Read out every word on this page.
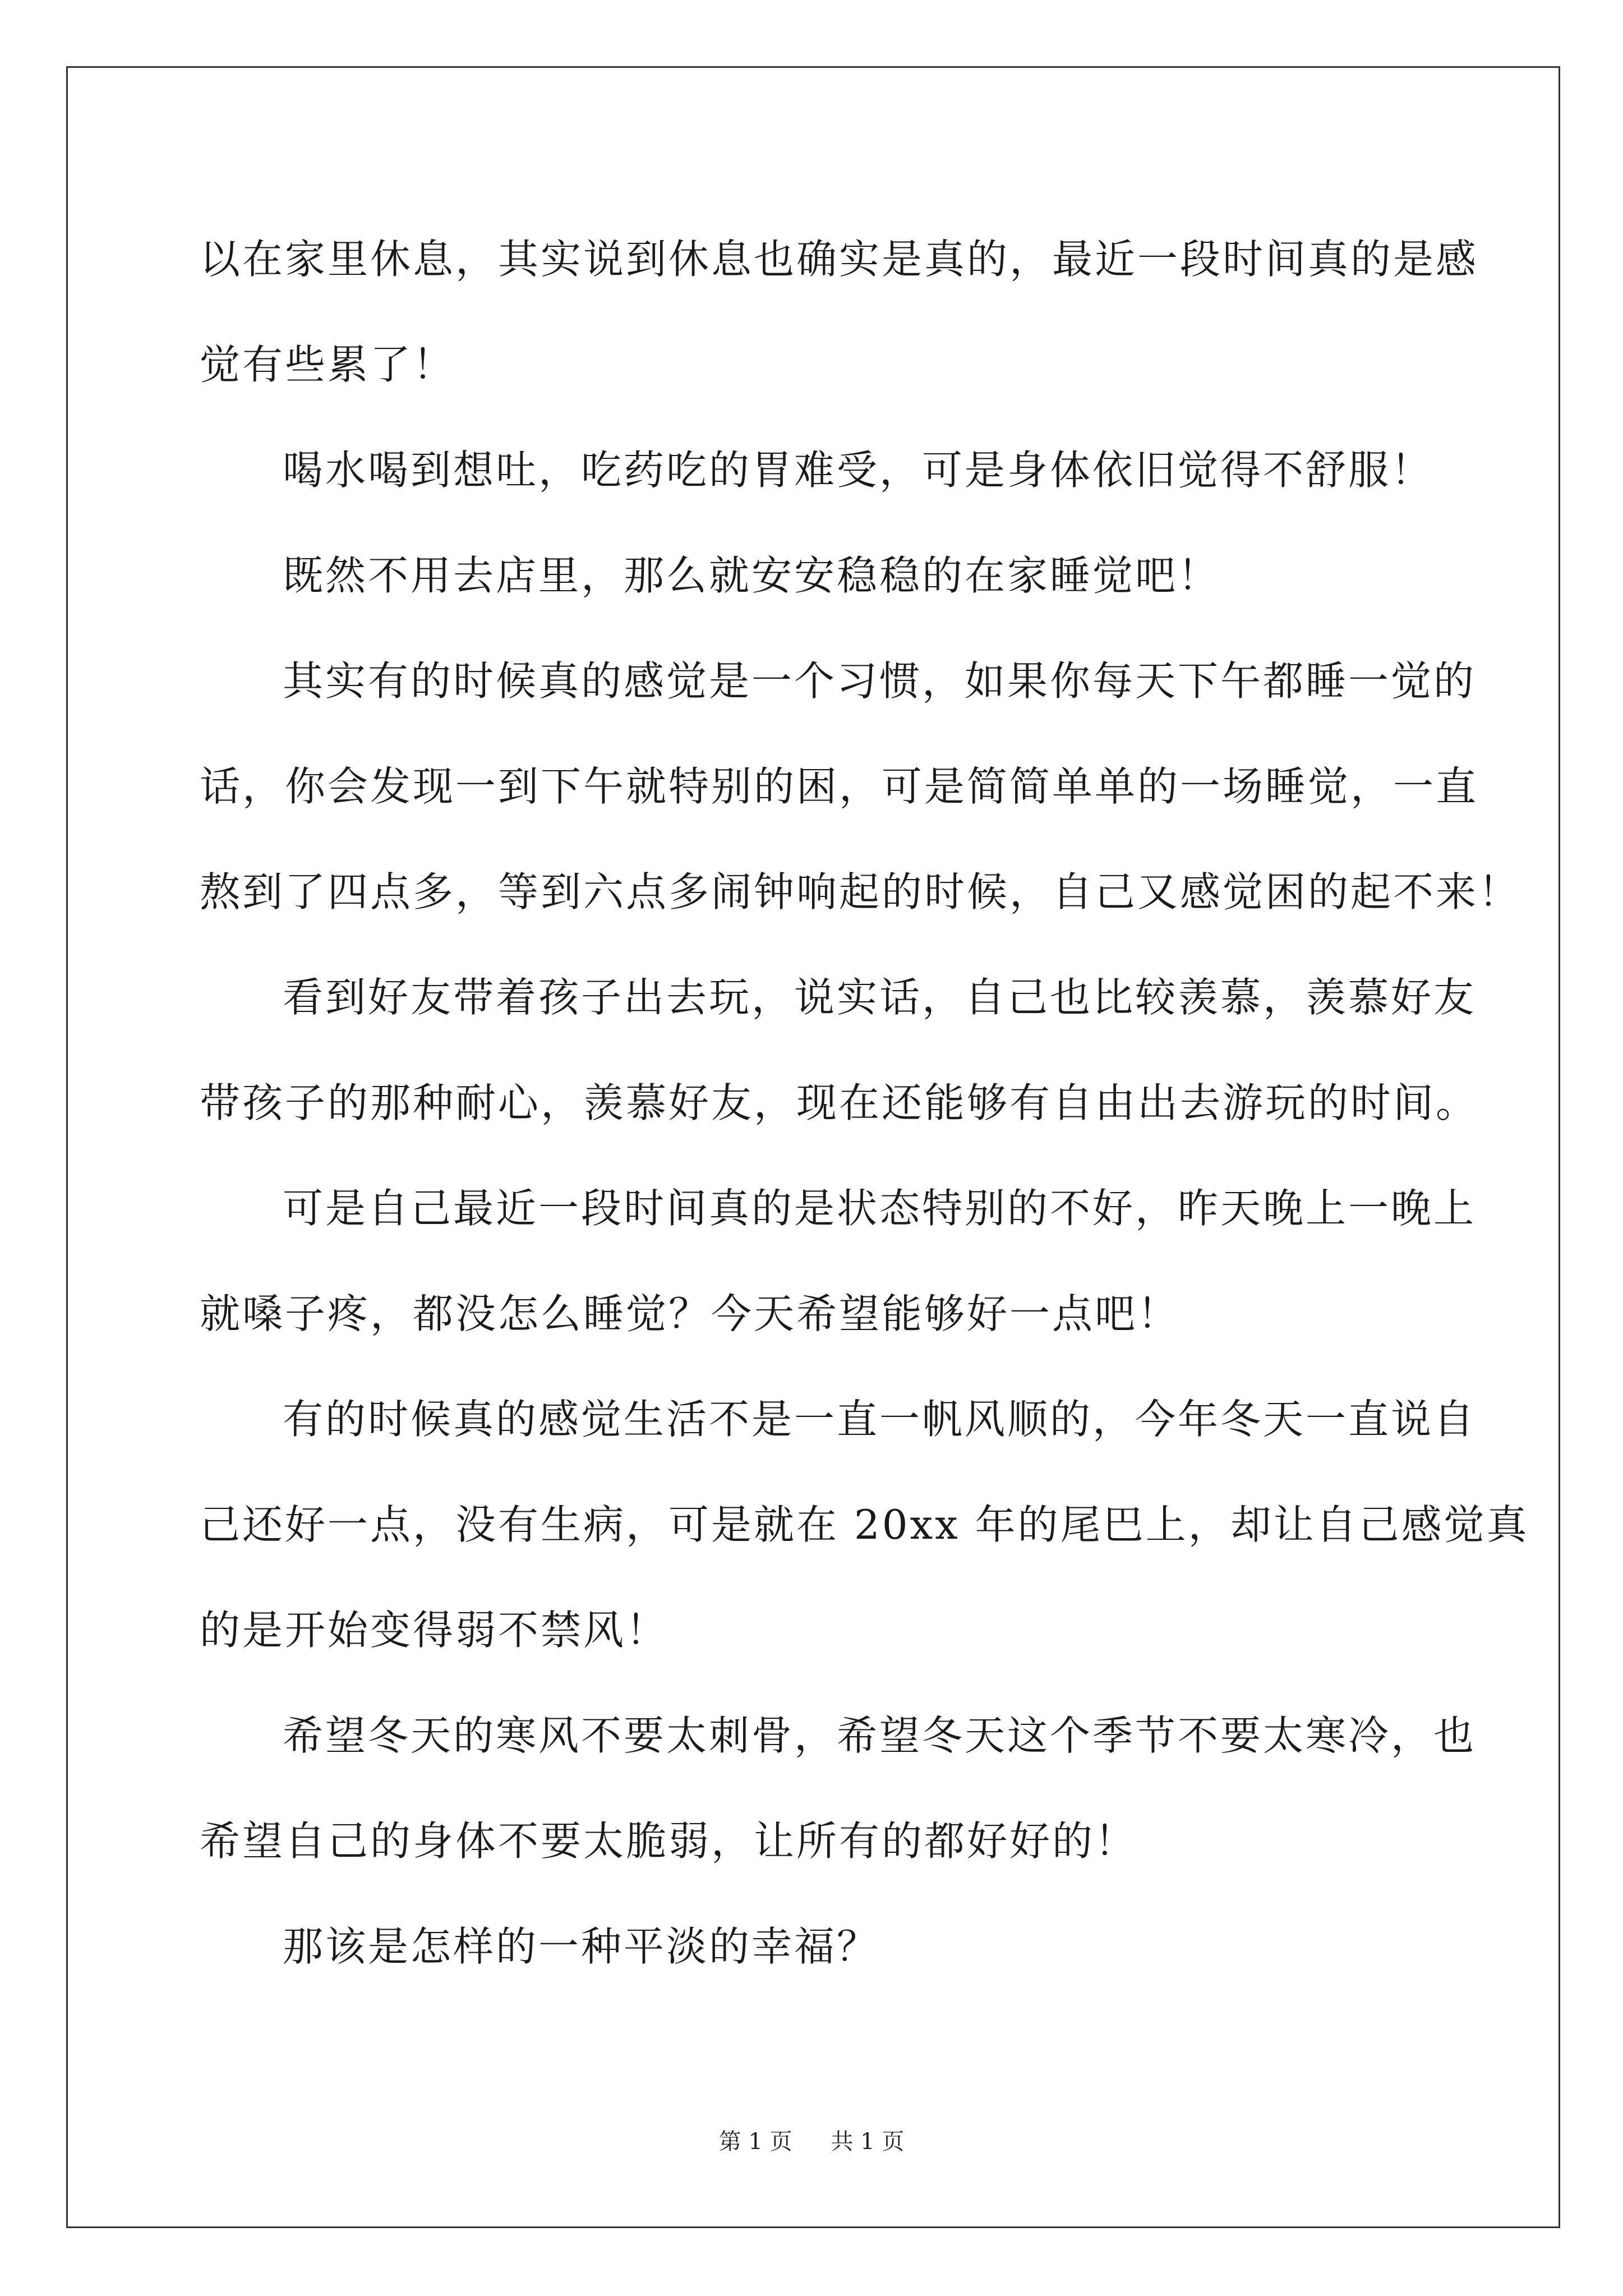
以在家里休息，其实说到休息也确实是真的，最近一段时间真的是感

觉有些累了！

喝水喝到想吐，吃药吃的胃难受，可是身体依旧觉得不舒服！

既然不用去店里，那么就安安稳稳的在家睡觉吧！

其实有的时候真的感觉是一个习惯，如果你每天下午都睡一觉的

话，你会发现一到下午就特别的困，可是简简单单的一场睡觉，一直

熬到了四点多，等到六点多闹钟响起的时候，自己又感觉困的起不来！

看到好友带着孩子出去玩，说实话，自己也比较羡慕，羡慕好友

带孩子的那种耐心，羡慕好友，现在还能够有自由出去游玩的时间。

可是自己最近一段时间真的是状态特别的不好，昨天晚上一晚上

就嗓子疼，都没怎么睡觉？今天希望能够好一点吧！

有的时候真的感觉生活不是一直一帆风顺的，今年冬天一直说自

己还好一点，没有生病，可是就在 20xx 年的尾巴上，却让自己感觉真

的是开始变得弱不禁风！

希望冬天的寒风不要太刺骨，希望冬天这个季节不要太寒冷，也

希望自己的身体不要太脆弱，让所有的都好好的！

那该是怎样的一种平淡的幸福？

第 1 页 共 1 页
